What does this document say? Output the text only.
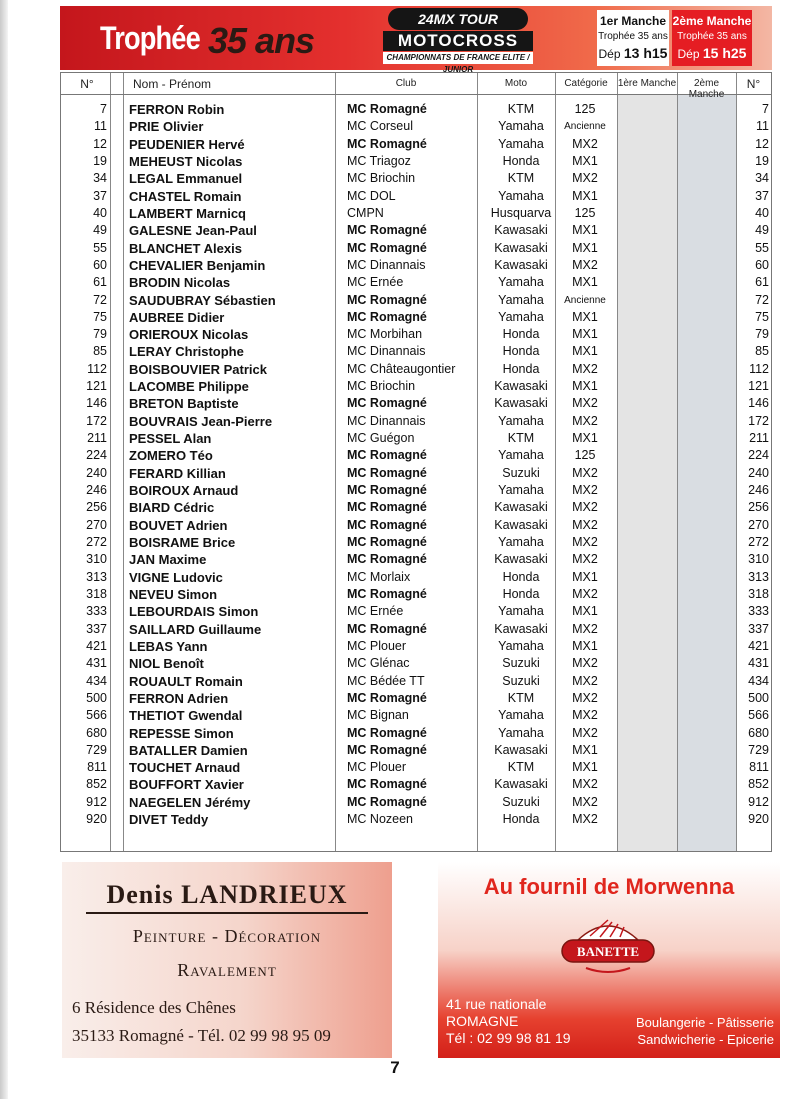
Trophée 35 ans
24MX TOUR
MOTOCROSS
CHAMPIONNATS DE FRANCE ELITE / JUNIOR
1er Manche
Trophée 35 ans
Dép 13 h15
2ème Manche
Trophée 35 ans
Dép 15 h25
N°	Nom - Prénom	Club	Moto	Catégorie	1ère Manche	2ème Manche
N°
7 FERRON Robin	MC Romagné	KTM	125	7
11 PRIE Olivier	MC Corseul	Yamaha	Ancienne	11
12 PEUDENIER Hervé	MC Romagné	Yamaha	MX2	12
19 MEHEUST Nicolas	MC Triagoz	Honda	MX1	19
34 LEGAL Emmanuel	MC Briochin	KTM	MX2	34
37 CHASTEL Romain	MC DOL	Yamaha	MX1	37
40 LAMBERT Marnicq	CMPN	Husquarva	125	40
49 GALESNE Jean-Paul	MC Romagné	Kawasaki	MX1	49
55 BLANCHET Alexis	MC Romagné	Kawasaki	MX1	55
60 CHEVALIER Benjamin	MC Dinannais	Kawasaki	MX2	60
61 BRODIN Nicolas	MC Ernée	Yamaha	MX1	61
72 SAUDUBRAY Sébastien	MC Romagné	Yamaha	Ancienne	72
75 AUBREE Didier	MC Romagné	Yamaha	MX1	75
79 ORIEROUX Nicolas	MC Morbihan	Honda	MX1	79
85 LERAY Christophe	MC Dinannais	Honda	MX1	85
112 BOISBOUVIER Patrick	MC Châteaugontier	Honda	MX2	112
121 LACOMBE Philippe	MC Briochin	Kawasaki	MX1	121
146 BRETON Baptiste	MC Romagné	Kawasaki	MX2	146
172 BOUVRAIS Jean-Pierre	MC Dinannais	Yamaha	MX2	172
211 PESSEL Alan	MC Guégon	KTM	MX1	211
224 ZOMERO Téo	MC Romagné	Yamaha	125	224
240 FERARD Killian	MC Romagné	Suzuki	MX2	240
246 BOIROUX Arnaud	MC Romagné	Yamaha	MX2	246
256 BIARD Cédric	MC Romagné	Kawasaki	MX2	256
270 BOUVET Adrien	MC Romagné	Kawasaki	MX2	270
272 BOISRAME Brice	MC Romagné	Yamaha	MX2	272
310 JAN Maxime	MC Romagné	Kawasaki	MX2	310
313 VIGNE Ludovic	MC Morlaix	Honda	MX1	313
318 NEVEU Simon	MC Romagné	Honda	MX2	318
333 LEBOURDAIS Simon	MC Ernée	Yamaha	MX1	333
337 SAILLARD Guillaume	MC Romagné	Kawasaki	MX2	337
421 LEBAS Yann	MC Plouer	Yamaha	MX1	421
431 NIOL Benoît	MC Glénac	Suzuki	MX2	431
434 ROUAULT Romain	MC Bédée TT	Suzuki	MX2	434
500 FERRON Adrien	MC Romagné	KTM	MX2	500
566 THETIOT Gwendal	MC Bignan	Yamaha	MX2	566
680 REPESSE Simon	MC Romagné	Yamaha	MX2	680
729 BATALLER Damien	MC Romagné	Kawasaki	MX1	729
811 TOUCHET Arnaud	MC Plouer	KTM	MX1	811
852 BOUFFORT Xavier	MC Romagné	Kawasaki	MX2	852
912 NAEGELEN Jérémy	MC Romagné	Suzuki	MX2	912
920 DIVET Teddy	MC Nozeen	Honda	MX2	920
Denis LANDRIEUX
Peinture - Décoration
Ravalement
6 Résidence des Chênes
35133 Romagné - Tél. 02 99 98 95 09
Au fournil de Morwenna
BANETTE
41 rue nationale
ROMAGNE
Tél : 02 99 98 81 19
Boulangerie - Pâtisserie
Sandwicherie - Epicerie
7
